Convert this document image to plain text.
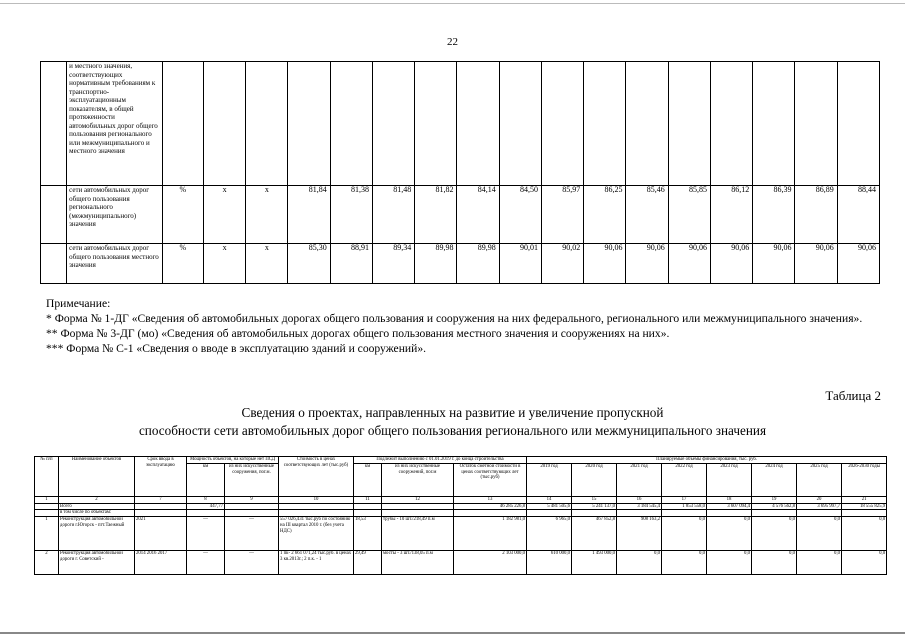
22
	и местного значения, соответствующих нормативным требованиям к транспортно-эксплуатационным показателям, в общей протяженности автомобильных дорог общего пользования регионального или межмуниципального и местного значения																	
	сети автомобильных дорог общего пользования регионального (межмуниципального) значения	%	х	х	81,84	81,38	81,48	81,82	84,14	84,50	85,97	86,25	85,46	85,85	86,12	86,39	86,89	88,44
	сети автомобильных дорог общего пользования местного значения	%	х	х	85,30	88,91	89,34	89,98	89,98	90,01	90,02	90,06	90,06	90,06	90,06	90,06	90,06	90,06

Примечание:

* Форма № 1-ДГ «Сведения об автомобильных дорогах общего пользования и сооружения на них федерального, регионального или межмуниципального значения».

** Форма № 3-ДГ (мо) «Сведения об автомобильных дорогах общего пользования местного значения и сооружениях на них».

*** Форма № С-1 «Сведения о вводе в эксплуатацию зданий и сооружений».

Таблица 2
Сведения о проектах, направленных на развитие и увеличение пропускной
способности сети автомобильных дорог общего пользования регионального или межмуниципального значения
№ п/п	Наименование объектов	Срок ввода в эксплуатацию	Мощность объектов, на которые нет ПСД		Стоимость в ценах соответствующих лет (тыс.руб)	Подлежит выполнению с 01.01.2019 г. до конца строительства			Планируемые объемы финансирования, тыс. руб.							
			км	из них искусственные сооружения, пог.м.		км	из них искусственные сооружений, пог.м	Остаток сметной стоимости в ценах соответствующих лет (тыс.руб)	2019 год	2020 год	2021 год	2022 год	2023 год	2024 год	2025 год	2026-2030 годы
1	2	7	8	9	10	11	12	13	14	15	16	17	18	19	20	21
	Всего		447,77					46 285 226,8	5 481 505,6	5 241 137,0	3 184 545,4	1 853 558,0	3 607 094,4	4 576 562,8	3 695 997,7	18 555 825,9
	в том числе по объектам:															
1	Реконструкция автомобильной дороги г.Югорск - пгт.Таежный	2021	—	—	557 026,431 тыс.руб по состоянию на III квартал 2010 г. (без учета НДС)	18,53	трубы - 10 шт./218,49 п.м	1 182 981,0	6 965,0	467 852,8	908 163,2	0,0	0,0	0,0	0,0	0,0
2	Реконструкция автомобильной дороги г. Советский -	2014 2016 2017	—	—	1 пк- 2 661 071,24 тыс.руб. в ценах 3 кв.2013г.; 2 п.к. - 1	29,49	мосты - 3 шт./138,05 п.м	2 103 000,0	610 000,0	1 493 000,0	0,0	0,0	0,0	0,0	0,0	0,0
